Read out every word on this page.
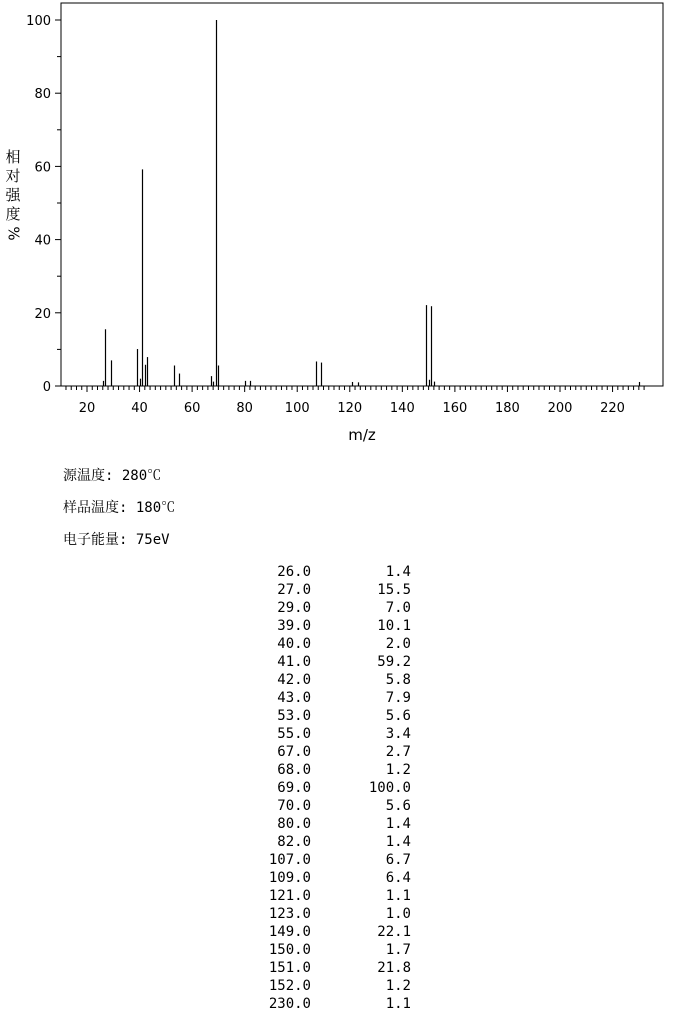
20	40	60	80 100 120 140 160 180 200 220
0
20
40
60
80
100
m/z
相
对
强
度
%
源温度: 280℃
样品温度: 180℃
电子能量: 75eV
26.0	1.4
27.0	15.5
29.0	7.0
39.0	10.1
40.0	2.0
41.0	59.2
42.0	5.8
43.0	7.9
53.0	5.6
55.0	3.4
67.0	2.7
68.0	1.2
69.0	100.0
70.0	5.6
80.0	1.4
82.0	1.4
107.0	6.7
109.0	6.4
121.0	1.1
123.0	1.0
149.0	22.1
150.0	1.7
151.0	21.8
152.0	1.2
230.0	1.1
